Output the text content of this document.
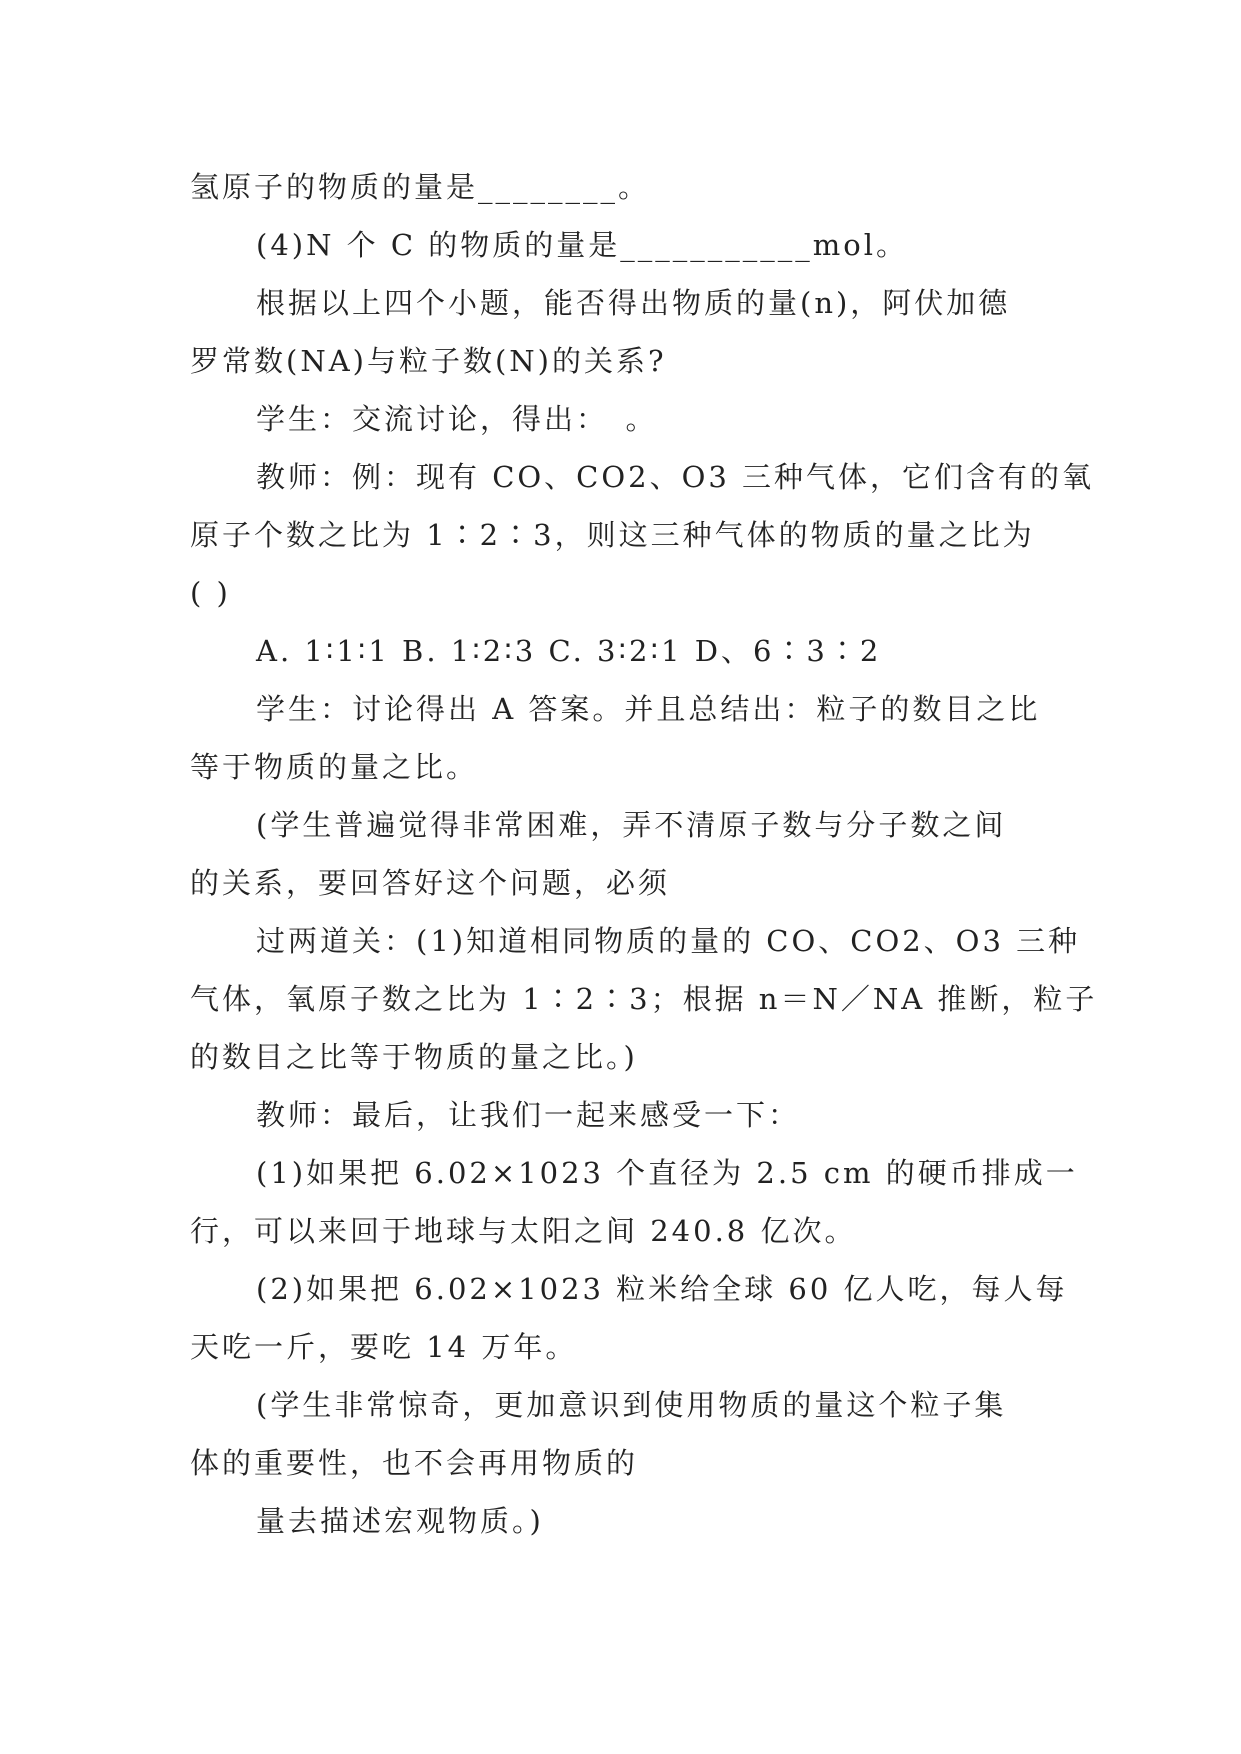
氢原子的物质的量是________。
(4)N 个 C 的物质的量是___________mol。
根据以上四个小题，能否得出物质的量(n)，阿伏加德
罗常数(NA)与粒子数(N)的关系?
学生：交流讨论，得出：　。
教师：例：现有 CO、CO2、O3 三种气体，它们含有的氧
原子个数之比为 1∶2∶3，则这三种气体的物质的量之比为
( )
A. 1∶1∶1 B. 1∶2∶3 C. 3∶2∶1 D、6∶3∶2
学生：讨论得出 A 答案。并且总结出：粒子的数目之比
等于物质的量之比。
(学生普遍觉得非常困难，弄不清原子数与分子数之间
的关系，要回答好这个问题，必须
过两道关：(1)知道相同物质的量的 CO、CO2、O3 三种
气体，氧原子数之比为 1∶2∶3；根据 n＝N／NA 推断，粒子
的数目之比等于物质的量之比。)
教师：最后，让我们一起来感受一下：
(1)如果把 6.02×1023 个直径为 2.5 cm 的硬币排成一
行，可以来回于地球与太阳之间 240.8 亿次。
(2)如果把 6.02×1023 粒米给全球 60 亿人吃，每人每
天吃一斤，要吃 14 万年。
(学生非常惊奇，更加意识到使用物质的量这个粒子集
体的重要性，也不会再用物质的
量去描述宏观物质。)
